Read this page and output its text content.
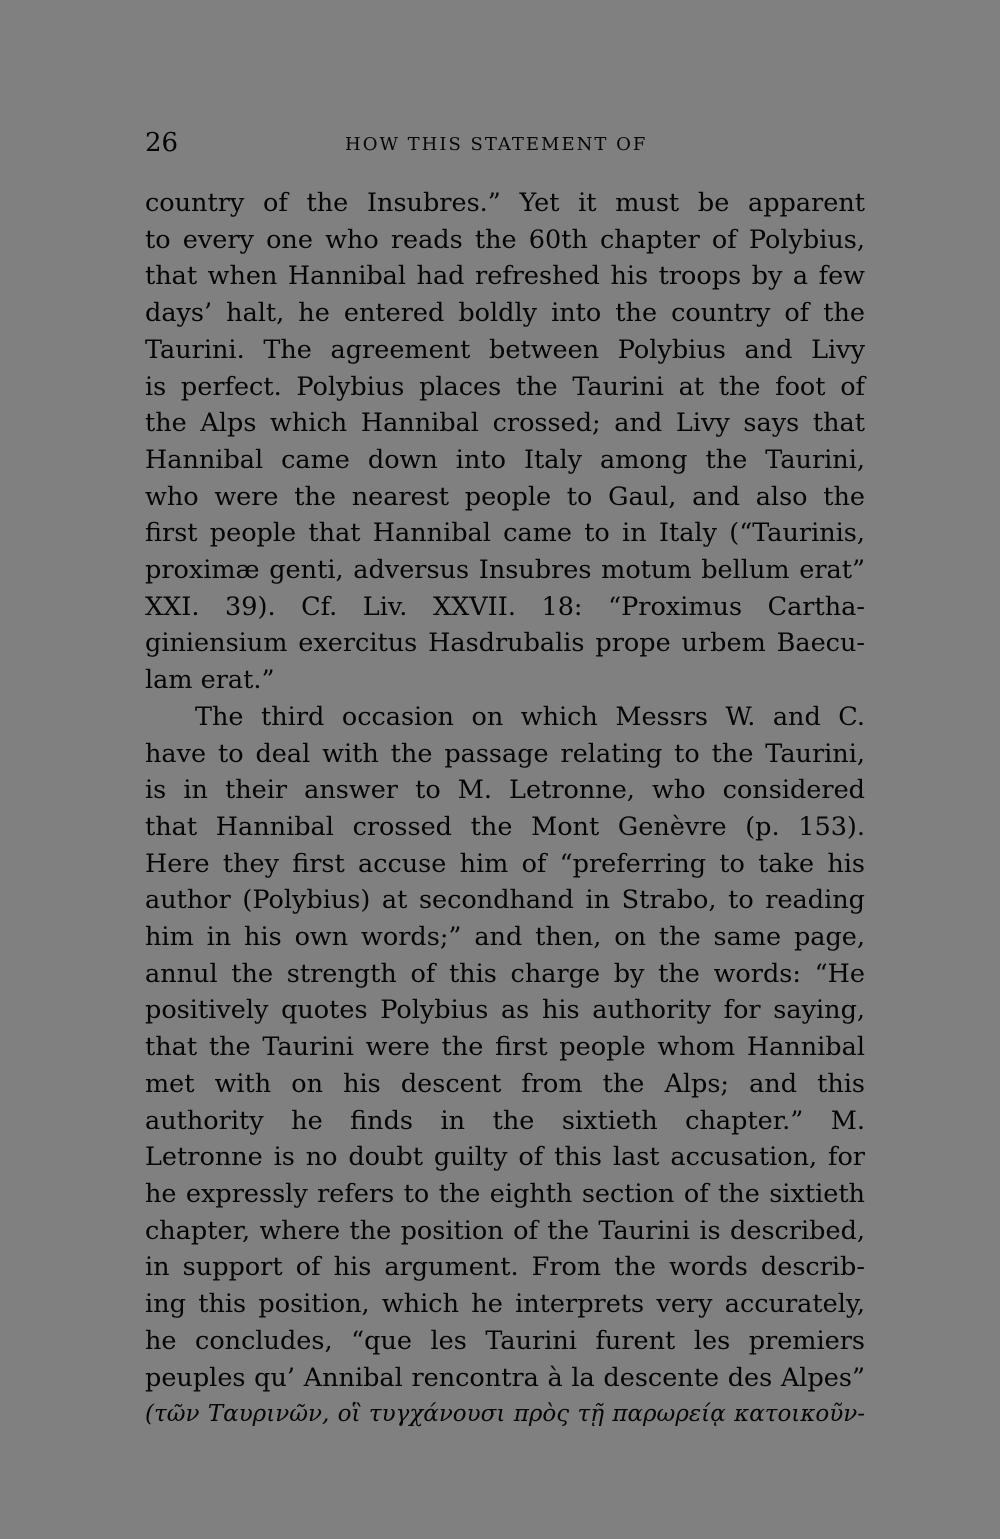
26	HOW THIS STATEMENT OF
country of the Insubres.” Yet it must be apparent
to every one who reads the 60th chapter of Polybius,
that when Hannibal had refreshed his troops by a few
days’ halt, he entered boldly into the country of the
Taurini. The agreement between Polybius and Livy
is perfect. Polybius places the Taurini at the foot of
the Alps which Hannibal crossed; and Livy says that
Hannibal came down into Italy among the Taurini,
who were the nearest people to Gaul, and also the
first people that Hannibal came to in Italy (“Taurinis,
proximæ genti, adversus Insubres motum bellum erat”
XXI. 39). Cf. Liv. XXVII. 18: “Proximus Cartha-
giniensium exercitus Hasdrubalis prope urbem Baecu-
lam erat.”
The third occasion on which Messrs W. and C.
have to deal with the passage relating to the Taurini,
is in their answer to M. Letronne, who considered
that Hannibal crossed the Mont Genèvre (p. 153).
Here they first accuse him of “preferring to take his
author (Polybius) at secondhand in Strabo, to reading
him in his own words;” and then, on the same page,
annul the strength of this charge by the words: “He
positively quotes Polybius as his authority for saying,
that the Taurini were the first people whom Hannibal
met with on his descent from the Alps; and this
authority he finds in the sixtieth chapter.” M.
Letronne is no doubt guilty of this last accusation, for
he expressly refers to the eighth section of the sixtieth
chapter, where the position of the Taurini is described,
in support of his argument. From the words describ-
ing this position, which he interprets very accurately,
he concludes, “que les Taurini furent les premiers
peuples qu’ Annibal rencontra à la descente des Alpes”
(τῶν Ταυρινῶν, οἳ τυγχάνουσι πρὸς τῇ παρωρείᾳ κατοικοῦν-
